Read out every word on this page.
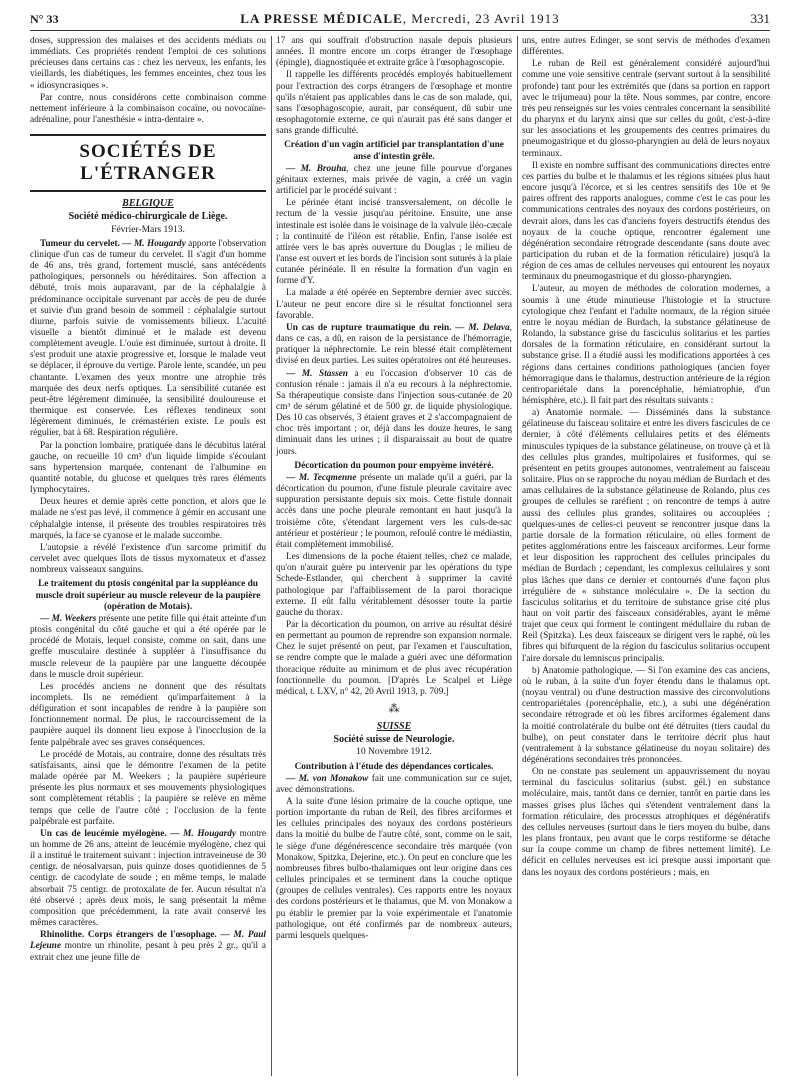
N° 33	LA PRESSE MÉDICALE, Mercredi, 23 Avril 1913	331

doses, suppression des malaises et des accidents médiats ou immédiats. Ces propriétés rendent l'emploi de ces solutions précieuses dans certains cas : chez les nerveux, les enfants, les vieillards, les diabétiques, les femmes enceintes, chez tous les « idiosyncrasiques ».

Par contre, nous considérons cette combinaison comme nettement inférieure à la combinaison cocaïne, ou novocaïne-adrénaline, pour l'anesthésie « intra-dentaire ».

SOCIÉTÉS DE L'ÉTRANGER
BELGIQUE
Société médico-chirurgicale de Liège.
Février-Mars 1913.

Tumeur du cervelet. — M. Hougardy apporte l'observation clinique d'un cas de tumeur du cervelet. Il s'agit d'un homme de 46 ans, très grand, fortement musclé, sans antécédents pathologiques, personnels ou héréditaires. Son affection a débuté, trois mois auparavant, par de la céphalalgie à prédominance occipitale survenant par accès de peu de durée et suivie d'un grand besoin de sommeil : céphalalgie surtout diurne, parfois suivie de vomissements bilieux. L'acuité visuelle a bientôt diminué et le malade est devenu complètement aveugle. L'ouïe est diminuée, surtout à droite. Il s'est produit une ataxie progressive et, lorsque le malade veut se déplacer, il éprouve du vertige. Parole lente, scandée, un peu chantante. L'examen des yeux montre une atrophie très marquée des deux nerfs optiques. La sensibilité cutanée est peut-être légèrement diminuée, la sensibilité douloureuse et thermique est conservée. Les réflexes tendineux sont légèrement diminués, le crémastérien existe. Le pouls est régulier, bat à 68. Respiration régulière.

Par la ponction lombaire, pratiquée dans le décubitus latéral gauche, on recueille 10 cm³ d'un liquide limpide s'écoulant sans hypertension marquée, contenant de l'albumine en quantité notable, du glucose et quelques très rares éléments lymphocytaires.

Deux heures et demie après cette ponction, et alors que le malade ne s'est pas levé, il commence à gémir en accusant une céphalalgie intense, il présente des troubles respiratoires très marqués, la face se cyanose et le malade succombe.

L'autopsie a révélé l'existence d'un sarcome primitif du cervelet avec quelques îlots de tissus myxomateux et d'assez nombreux vaisseaux sanguins.

Le traitement du ptosis congénital par la suppléance du muscle droit supérieur au muscle releveur de la paupière (opération de Motais).

— M. Weekers présente une petite fille qui était atteinte d'un ptosis congénital du côté gauche et qui a été opérée par le procédé de Motais, lequel consiste, comme on sait, dans une greffe musculaire destinée à suppléer à l'insuffisance du muscle releveur de la paupière par une languette découpée dans le muscle droit supérieur.

Les procédés anciens ne donnent que des résultats incomplets. Ils ne remédient qu'imparfaitement à la défiguration et sont incapables de rendre à la paupière son fonctionnement normal. De plus, le raccourcissement de la paupière auquel ils donnent lieu expose à l'inocclusion de la fente palpébrale avec ses graves conséquences.

Le procédé de Motais, au contraire, donne des résultats très satisfaisants, ainsi que le démontre l'examen de la petite malade opérée par M. Weekers ; la paupière supérieure présente les plus normaux et ses mouvements physiologiques sont complètement rétablis ; la paupière se relève en même temps que celle de l'autre côté ; l'occlusion de la fente palpébrale est parfaite.

Un cas de leucémie myélogène. — M. Hougardy montre un homme de 26 ans, atteint de leucémie myélogène, chez qui il a institué le traitement suivant : injection intraveineuse de 30 centigr. de néosalvarsan, puis quinze doses quotidiennes de 5 centigr. de cacodylate de soude ; en même temps, le malade absorbait 75 centigr. de protoxalate de fer. Aucun résultat n'a été observé ; après deux mois, le sang présentait la même composition que précédemment, la rate avait conservé les mêmes caractères.

Rhinolithe. Corps étrangers de l'œsophage. — M. Paul Lejeune montre un rhinolite, pesant à peu près 2 gr., qu'il a extrait chez une jeune fille de

17 ans qui souffrait d'obstruction nasale depuis plusieurs années. Il montre encore un corps étranger de l'œsophage (épingle), diagnostiquée et extraite grâce à l'œsophagoscopie.

Il rappelle les différents procédés employés habituellement pour l'extraction des corps étrangers de l'œsophage et montre qu'ils n'étaient pas applicables dans le cas de son malade, qui, sans l'œsophagoscopie, aurait, par conséquent, dû subir une œsophagotomie externe, ce qui n'aurait pas été sans danger et sans grande difficulté.

Création d'un vagin artificiel par transplantation d'une anse d'intestin grêle.

— M. Brouha, chez une jeune fille pourvue d'organes génitaux externes, mais privée de vagin, a créé un vagin artificiel par le procédé suivant :

Le périnée étant incisé transversalement, on décolle le rectum de la vessie jusqu'au péritoine. Ensuite, une anse intestinale est isolée dans le voisinage de la valvule iléo-cæcale ; la continuité de l'iléon est rétablie. Enfin, l'anse isolée est attirée vers le bas après ouverture du Douglas ; le milieu de l'anse est ouvert et les bords de l'incision sont suturés à la plaie cutanée périnéale. Il en résulte la formation d'un vagin en forme d'Y.

La malade a été opérée en Septembre dernier avec succès. L'auteur ne peut encore dire si le résultat fonctionnel sera favorable.

Un cas de rupture traumatique du rein. — M. Delava, dans ce cas, a dû, en raison de la persistance de l'hémorragie, pratiquer la néphrectomie. Le rein blessé était complètement divisé en deux parties. Les suites opératoires ont été heureuses.

— M. Stassen a eu l'occasion d'observer 10 cas de contusion rénale : jamais il n'a eu recours à la néphrectomie. Sa thérapeutique consiste dans l'injection sous-cutanée de 20 cm³ de sérum gélatiné et de 500 gr. de liquide physiologique. Des 10 cas observés, 3 étaient graves et 2 s'accompagnaient de choc très important ; or, déjà dans les douze heures, le sang diminuait dans les urines ; il disparaissait au bout de quatre jours.

Décortication du poumon pour empyème invétéré.

— M. Tecqmenne présente un malade qu'il a guéri, par la décortication du poumon, d'une fistule pleurale cavitaire avec suppuration persistante depuis six mois. Cette fistule donnait accès dans une poche pleurale remontant en haut jusqu'à la troisième côte, s'étendant largement vers les culs-de-sac antérieur et postérieur ; le poumon, refoulé contre le médiastin, était complètement immobilisé.

Les dimensions de la poche étaient telles, chez ce malade, qu'on n'aurait guère pu intervenir par les opérations du type Schede-Estlander, qui cherchent à supprimer la cavité pathologique par l'affaiblissement de la paroi thoracique externe. Il eût fallu véritablement désosser toute la partie gauche du thorax.

Par la décortication du poumon, on arrive au résultat désiré en permettant au poumon de reprendre son expansion normale. Chez le sujet présenté on peut, par l'examen et l'auscultation, se rendre compte que le malade a guéri avec une déformation thoracique réduite au minimum et de plus avec récupération fonctionnelle du poumon. [D'après Le Scalpel et Liège médical, t. LXV, n° 42, 20 Avril 1913, p. 709.]

⁂
SUISSE
Société suisse de Neurologie.
10 Novembre 1912.

Contribution à l'étude des dépendances corticales.

— M. von Monakow fait une communication sur ce sujet, avec démonstrations.

A la suite d'une lésion primaire de la couche optique, une portion importante du ruban de Reil, des fibres arciformes et les cellules principales des noyaux des cordons postérieurs dans la moitié du bulbe de l'autre côté, sont, comme on le sait, le siège d'une dégénérescence secondaire très marquée (von Monakow, Spitzka, Dejerine, etc.). On peut en conclure que les nombreuses fibres bulbo-thalamiques ont leur origine dans ces cellules principales et se terminent dans la couche optique (groupes de cellules ventrales). Ces rapports entre les noyaux des cordons postérieurs et le thalamus, que M. von Monakow a pu établir le premier par la voie expérimentale et l'anatomie pathologique, ont été confirmés par de nombreux auteurs, parmi lesquels quelques-

uns, entre autres Edinger, se sont servis de méthodes d'examen différentes.

Le ruban de Reil est généralement considéré aujourd'hui comme une voie sensitive centrale (servant surtout à la sensibilité profonde) tant pour les extrémités que (dans sa portion en rapport avec le trijumeau) pour la tête. Nous sommes, par contre, encore très peu renseignés sur les voies centrales concernant la sensibilité du pharynx et du larynx ainsi que sur celles du goût, c'est-à-dire sur les associations et les groupements des centres primaires du pneumogastrique et du glosso-pharyngien au delà de leurs noyaux terminaux.

Il existe en nombre suffisant des communications directes entre ces parties du bulbe et le thalamus et les régions situées plus haut encore jusqu'à l'écorce, et si les centres sensitifs des 10e et 9e paires offrent des rapports analogues, comme c'est le cas pour les communications centrales des noyaux des cordons postérieurs, on devrait alors, dans les cas d'anciens foyers destructifs étendus des noyaux de la couche optique, rencontrer également une dégénération secondaire rétrograde descendante (sans doute avec participation du ruban et de la formation réticulaire) jusqu'à la région de ces amas de cellules nerveuses qui entourent les noyaux terminaux du pneumogastrique et du glosso-pharyngien.

L'auteur, au moyen de méthodes de coloration modernes, a soumis à une étude minutieuse l'histologie et la structure cytologique chez l'enfant et l'adulte normaux, de la région située entre le noyau médian de Burdach, la substance gélatineuse de Rolando, la substance grise du fasciculus solitarius et les parties dorsales de la formation réticulaire, en considérant surtout la substance grise. Il a étudié aussi les modifications apportées à ces régions dans certaines conditions pathologiques (ancien foyer hémorragique dans le thalamus, destruction antérieure de la région centropariétale dans la porencéphalie, hémiatrophie, d'un hémisphère, etc.). Il fait part des résultats suivants :

a) Anatomie normale. — Disséminés dans la substance gélatineuse du faisceau solitaire et entre les divers fascicules de ce dernier, à côté d'éléments cellulaires petits et des éléments minuscules typiques de la substance gélatineuse, on trouve çà et là des cellules plus grandes, multipolaires et fusiformes, qui se présentent en petits groupes autonomes, ventralement au faisceau solitaire. Plus on se rapproche du noyau médian de Burdach et des amas cellulaires de la substance gélatineuse de Rolando, plus ces groupes de cellules se raréfient ; on rencontre de temps à autre aussi des cellules plus grandes, solitaires ou accouplées ; quelques-unes de celles-ci peuvent se rencontrer jusque dans la partie dorsale de la formation réticulaire, où elles forment de petites agglomérations entre les faisceaux arciformes. Leur forme et leur disposition les rapprochent des cellules principales du médian de Burdach ; cependant, les complexus cellulaires y sont plus lâches que dans ce dernier et contournés d'une façon plus irrégulière de « substance moléculaire ». De la section du fasciculus solitarius et du territoire de substance grise cité plus haut on voit partir des faisceaux considérables, ayant le même trajet que ceux qui forment le contingent médullaire du ruban de Reil (Spitzka). Les deux faisceaux se dirigent vers le raphé, où les fibres qui bifurquent de la région du fasciculus solitarius occupent l'aire dorsale du lemniscus principalis.

b) Anatomie pathologique. — Si l'on examine des cas anciens, où le ruban, à la suite d'un foyer étendu dans le thalamus opt. (noyau ventral) ou d'une destruction massive des circonvolutions centropariétales (porencéphalie, etc.), a subi une dégénération secondaire rétrograde et où les fibres arciformes également dans la moitié controlatérale du bulbe ont été détruites (tiers caudal du bulbe), on peut constater dans le territoire décrit plus haut (ventralement à la substance gélatineuse du noyau solitaire) des dégénérations secondaires très prononcées.

On ne constate pas seulement un appauvrissement du noyau terminal du fasciculus solitarius (subst. gél.) en substance moléculaire, mais, tantôt dans ce dernier, tantôt en partie dans les masses grises plus lâches qui s'étendent ventralement dans la formation réticulaire, des processus atrophiques et dégénératifs des cellules nerveuses (surtout dans le tiers moyen du bulbe, dans les plans frontaux, peu avant que le corps restiforme se détache sur la coupe comme un champ de fibres nettement limité). Le déficit en cellules nerveuses est ici presque aussi important que dans les noyaux des cordons postérieurs ; mais, en
